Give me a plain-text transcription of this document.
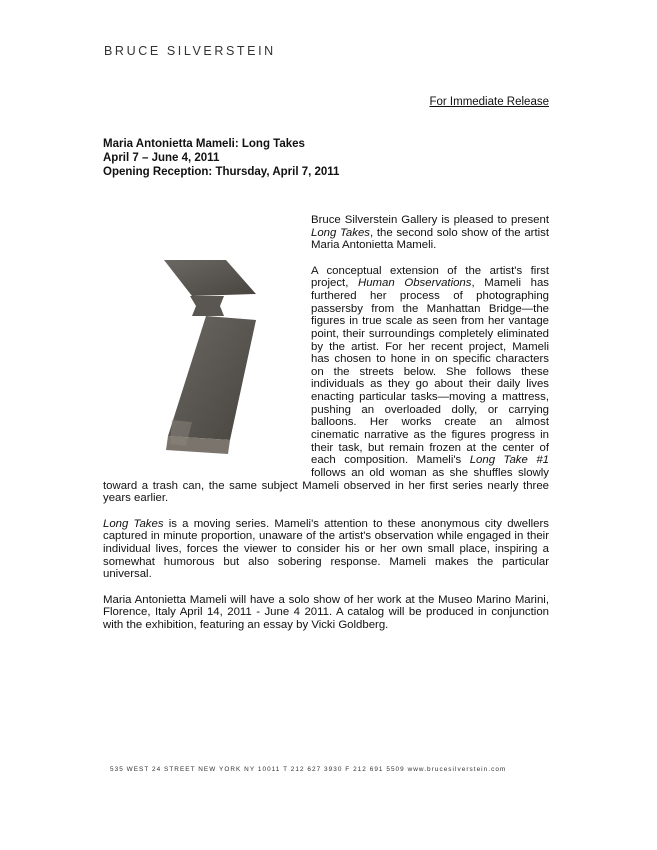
BRUCE SILVERSTEIN
For Immediate Release
Maria Antonietta Mameli: Long Takes
April 7 – June 4, 2011
Opening Reception: Thursday, April 7, 2011

Bruce Silverstein Gallery is pleased to present Long Takes, the second solo show of the artist Maria Antonietta Mameli.

A conceptual extension of the artist's first project, Human Observations, Mameli has furthered her process of photographing passersby from the Manhattan Bridge—the figures in true scale as seen from her vantage point, their surroundings completely eliminated by the artist. For her recent project, Mameli has chosen to hone in on specific characters on the streets below. She follows these individuals as they go about their daily lives enacting particular tasks—moving a mattress, pushing an overloaded dolly, or carrying balloons. Her works create an almost cinematic narrative as the figures progress in their task, but remain frozen at the center of each composition. Mameli's Long Take #1 follows an old woman as she shuffles slowly toward a trash can, the same subject Mameli observed in her first series nearly three years earlier.

Long Takes is a moving series. Mameli's attention to these anonymous city dwellers captured in minute proportion, unaware of the artist's observation while engaged in their individual lives, forces the viewer to consider his or her own small place, inspiring a somewhat humorous but also sobering response. Mameli makes the particular universal.

Maria Antonietta Mameli will have a solo show of her work at the Museo Marino Marini, Florence, Italy April 14, 2011 - June 4 2011. A catalog will be produced in conjunction with the exhibition, featuring an essay by Vicki Goldberg.

535 WEST 24 STREET NEW YORK NY 10011 T 212 627 3930 F 212 691 5509 www.brucesilverstein.com
